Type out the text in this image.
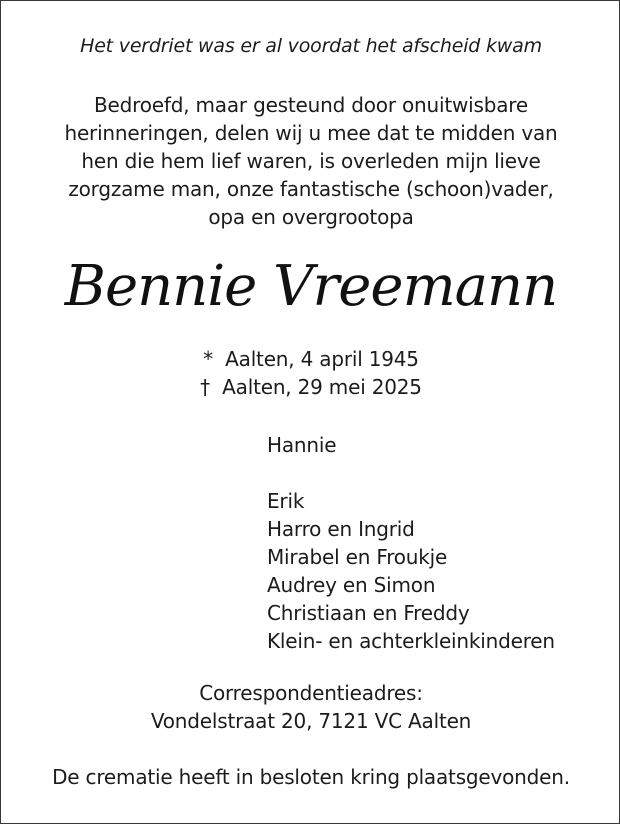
Het verdriet was er al voordat het afscheid kwam
Bedroefd, maar gesteund door onuitwisbare
herinneringen, delen wij u mee dat te midden van
hen die hem lief waren, is overleden mijn lieve
zorgzame man, onze fantastische (schoon)vader,
opa en overgrootopa
Bennie Vreemann
* Aalten, 4 april 1945
† Aalten, 29 mei 2025
Hannie
Erik
Harro en Ingrid
Mirabel en Froukje
Audrey en Simon
Christiaan en Freddy
Klein- en achterkleinkinderen
Correspondentieadres:
Vondelstraat 20, 7121 VC Aalten
De crematie heeft in besloten kring plaatsgevonden.
